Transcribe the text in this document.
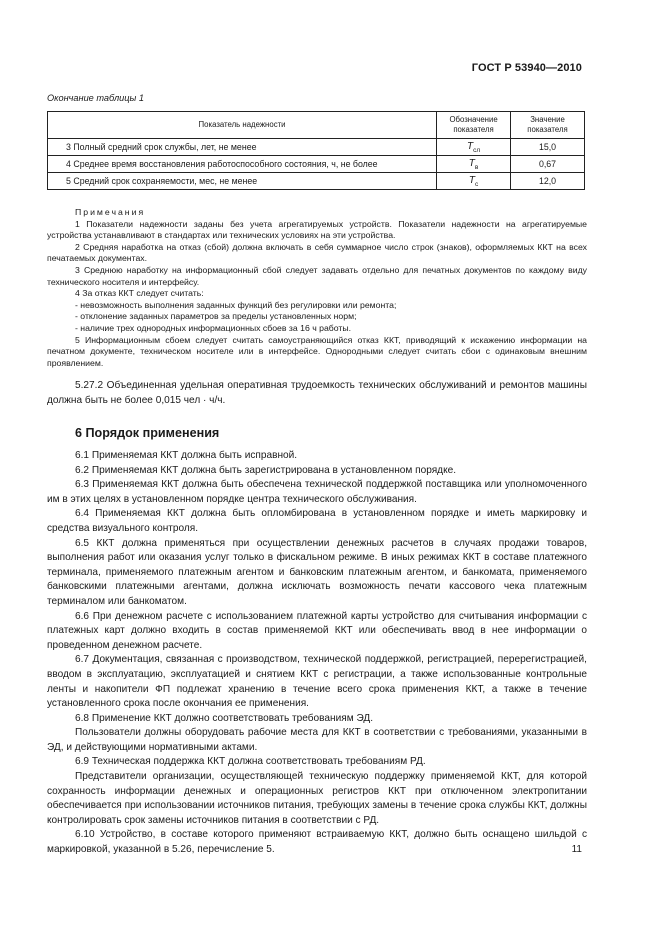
ГОСТ Р 53940—2010
Окончание таблицы 1
Показатель надежности	Обозначение показателя	Значение показателя
3 Полный средний срок службы, лет, не менее	$T_{сл}$	15,0
4 Среднее время восстановления работоспособного состояния, ч, не более	$T_в$	0,67
5 Средний срок сохраняемости, мес, не менее	$T_с$	12,0

Примечания

1 Показатели надежности заданы без учета агрегатируемых устройств. Показатели надежности на агрегатируемые устройства устанавливают в стандартах или технических условиях на эти устройства.

2 Средняя наработка на отказ (сбой) должна включать в себя суммарное число строк (знаков), оформляемых ККТ на всех печатаемых документах.

3 Среднюю наработку на информационный сбой следует задавать отдельно для печатных документов по каждому виду технического носителя и интерфейсу.

4 За отказ ККТ следует считать:

- невозможность выполнения заданных функций без регулировки или ремонта;

- отклонение заданных параметров за пределы установленных норм;

- наличие трех однородных информационных сбоев за 16 ч работы.

5 Информационным сбоем следует считать самоустраняющийся отказ ККТ, приводящий к искажению информации на печатном документе, техническом носителе или в интерфейсе. Однородными следует считать сбои с одинаковым внешним проявлением.

5.27.2 Объединенная удельная оперативная трудоемкость технических обслуживаний и ремонтов машины должна быть не более 0,015 чел · ч/ч.

6 Порядок применения

6.1 Применяемая ККТ должна быть исправной.

6.2 Применяемая ККТ должна быть зарегистрирована в установленном порядке.

6.3 Применяемая ККТ должна быть обеспечена технической поддержкой поставщика или уполномоченного им в этих целях в установленном порядке центра технического обслуживания.

6.4 Применяемая ККТ должна быть опломбирована в установленном порядке и иметь маркировку и средства визуального контроля.

6.5 ККТ должна применяться при осуществлении денежных расчетов в случаях продажи товаров, выполнения работ или оказания услуг только в фискальном режиме. В иных режимах ККТ в составе платежного терминала, применяемого платежным агентом и банковским платежным агентом, и банкомата, применяемого банковскими платежными агентами, должна исключать возможность печати кассового чека платежным терминалом или банкоматом.

6.6 При денежном расчете с использованием платежной карты устройство для считывания информации с платежных карт должно входить в состав применяемой ККТ или обеспечивать ввод в нее информации о проведенном денежном расчете.

6.7 Документация, связанная с производством, технической поддержкой, регистрацией, перерегистрацией, вводом в эксплуатацию, эксплуатацией и снятием ККТ с регистрации, а также использованные контрольные ленты и накопители ФП подлежат хранению в течение всего срока применения ККТ, а также в течение установленного срока после окончания ее применения.

6.8 Применение ККТ должно соответствовать требованиям ЭД.

Пользователи должны оборудовать рабочие места для ККТ в соответствии с требованиями, указанными в ЭД, и действующими нормативными актами.

6.9 Техническая поддержка ККТ должна соответствовать требованиям РД.

Представители организации, осуществляющей техническую поддержку применяемой ККТ, для которой сохранность информации денежных и операционных регистров ККТ при отключенном электропитании обеспечивается при использовании источников питания, требующих замены в течение срока службы ККТ, должны контролировать срок замены источников питания в соответствии с РД.

6.10 Устройство, в составе которого применяют встраиваемую ККТ, должно быть оснащено шильдой с маркировкой, указанной в 5.26, перечисление 5.	11
